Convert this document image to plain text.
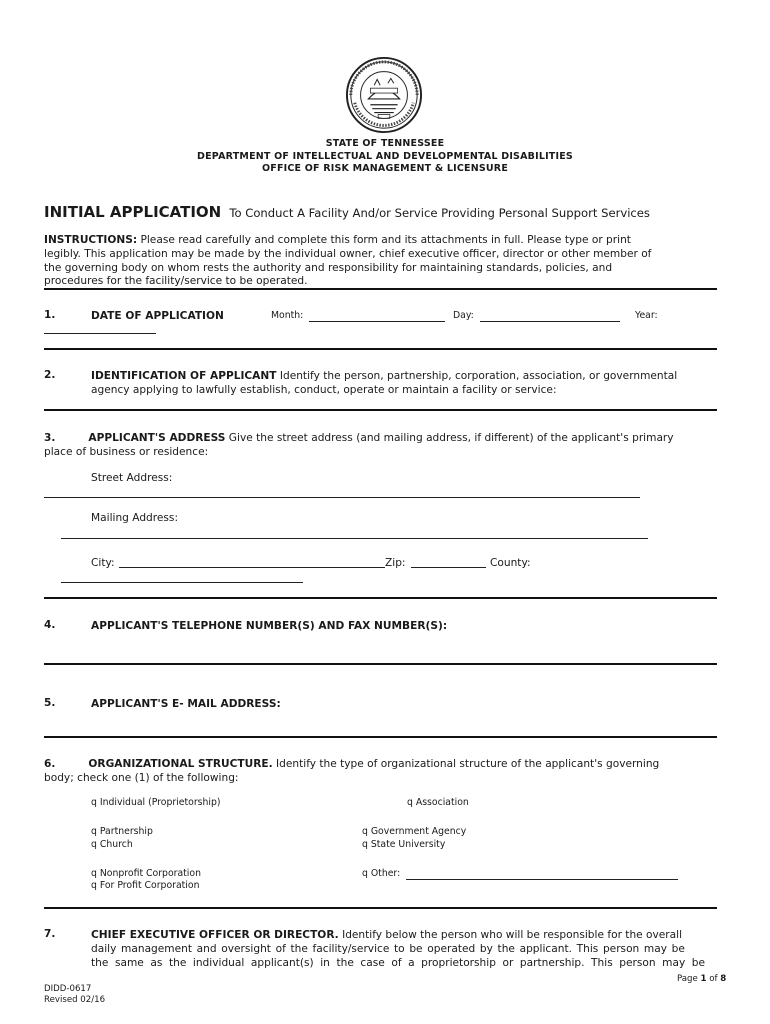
STATE OF TENNESSEE
DEPARTMENT OF INTELLECTUAL AND DEVELOPMENTAL DISABILITIES
OFFICE OF RISK MANAGEMENT & LICENSURE
INITIAL APPLICATION To Conduct A Facility And/or Service Providing Personal Support Services
INSTRUCTIONS: Please read carefully and complete this form and its attachments in full. Please type or print
legibly. This application may be made by the individual owner, chief executive officer, director or other member of
the governing body on whom rests the authority and responsibility for maintaining standards, policies, and
procedures for the facility/service to be operated.
1.	DATE OF APPLICATION	Month:	Day:	Year:
2.	IDENTIFICATION OF APPLICANT Identify the person, partnership, corporation, association, or governmental
agency applying to lawfully establish, conduct, operate or maintain a facility or service:
3.	APPLICANT'S ADDRESS Give the street address (and mailing address, if different) of the applicant's primary
place of business or residence:
Street Address:
Mailing Address:
City:	Zip:	County:
4.	APPLICANT'S TELEPHONE NUMBER(S) AND FAX NUMBER(S):
5.	APPLICANT'S E- MAIL ADDRESS:
6.	ORGANIZATIONAL STRUCTURE. Identify the type of organizational structure of the applicant's governing
body; check one (1) of the following:
q Individual (Proprietorship)	q Association
q Partnership	q Government Agency
q Church	q State University
q Nonprofit Corporation	q Other:
q For Profit Corporation
7.	CHIEF EXECUTIVE OFFICER OR DIRECTOR. Identify below the person who will be responsible for the overall
daily management and oversight of the facility/service to be operated by the applicant. This person may be
the same as the individual applicant(s) in the case of a proprietorship or partnership. This person may be
Page 1 of 8
DIDD-0617
Revised 02/16
